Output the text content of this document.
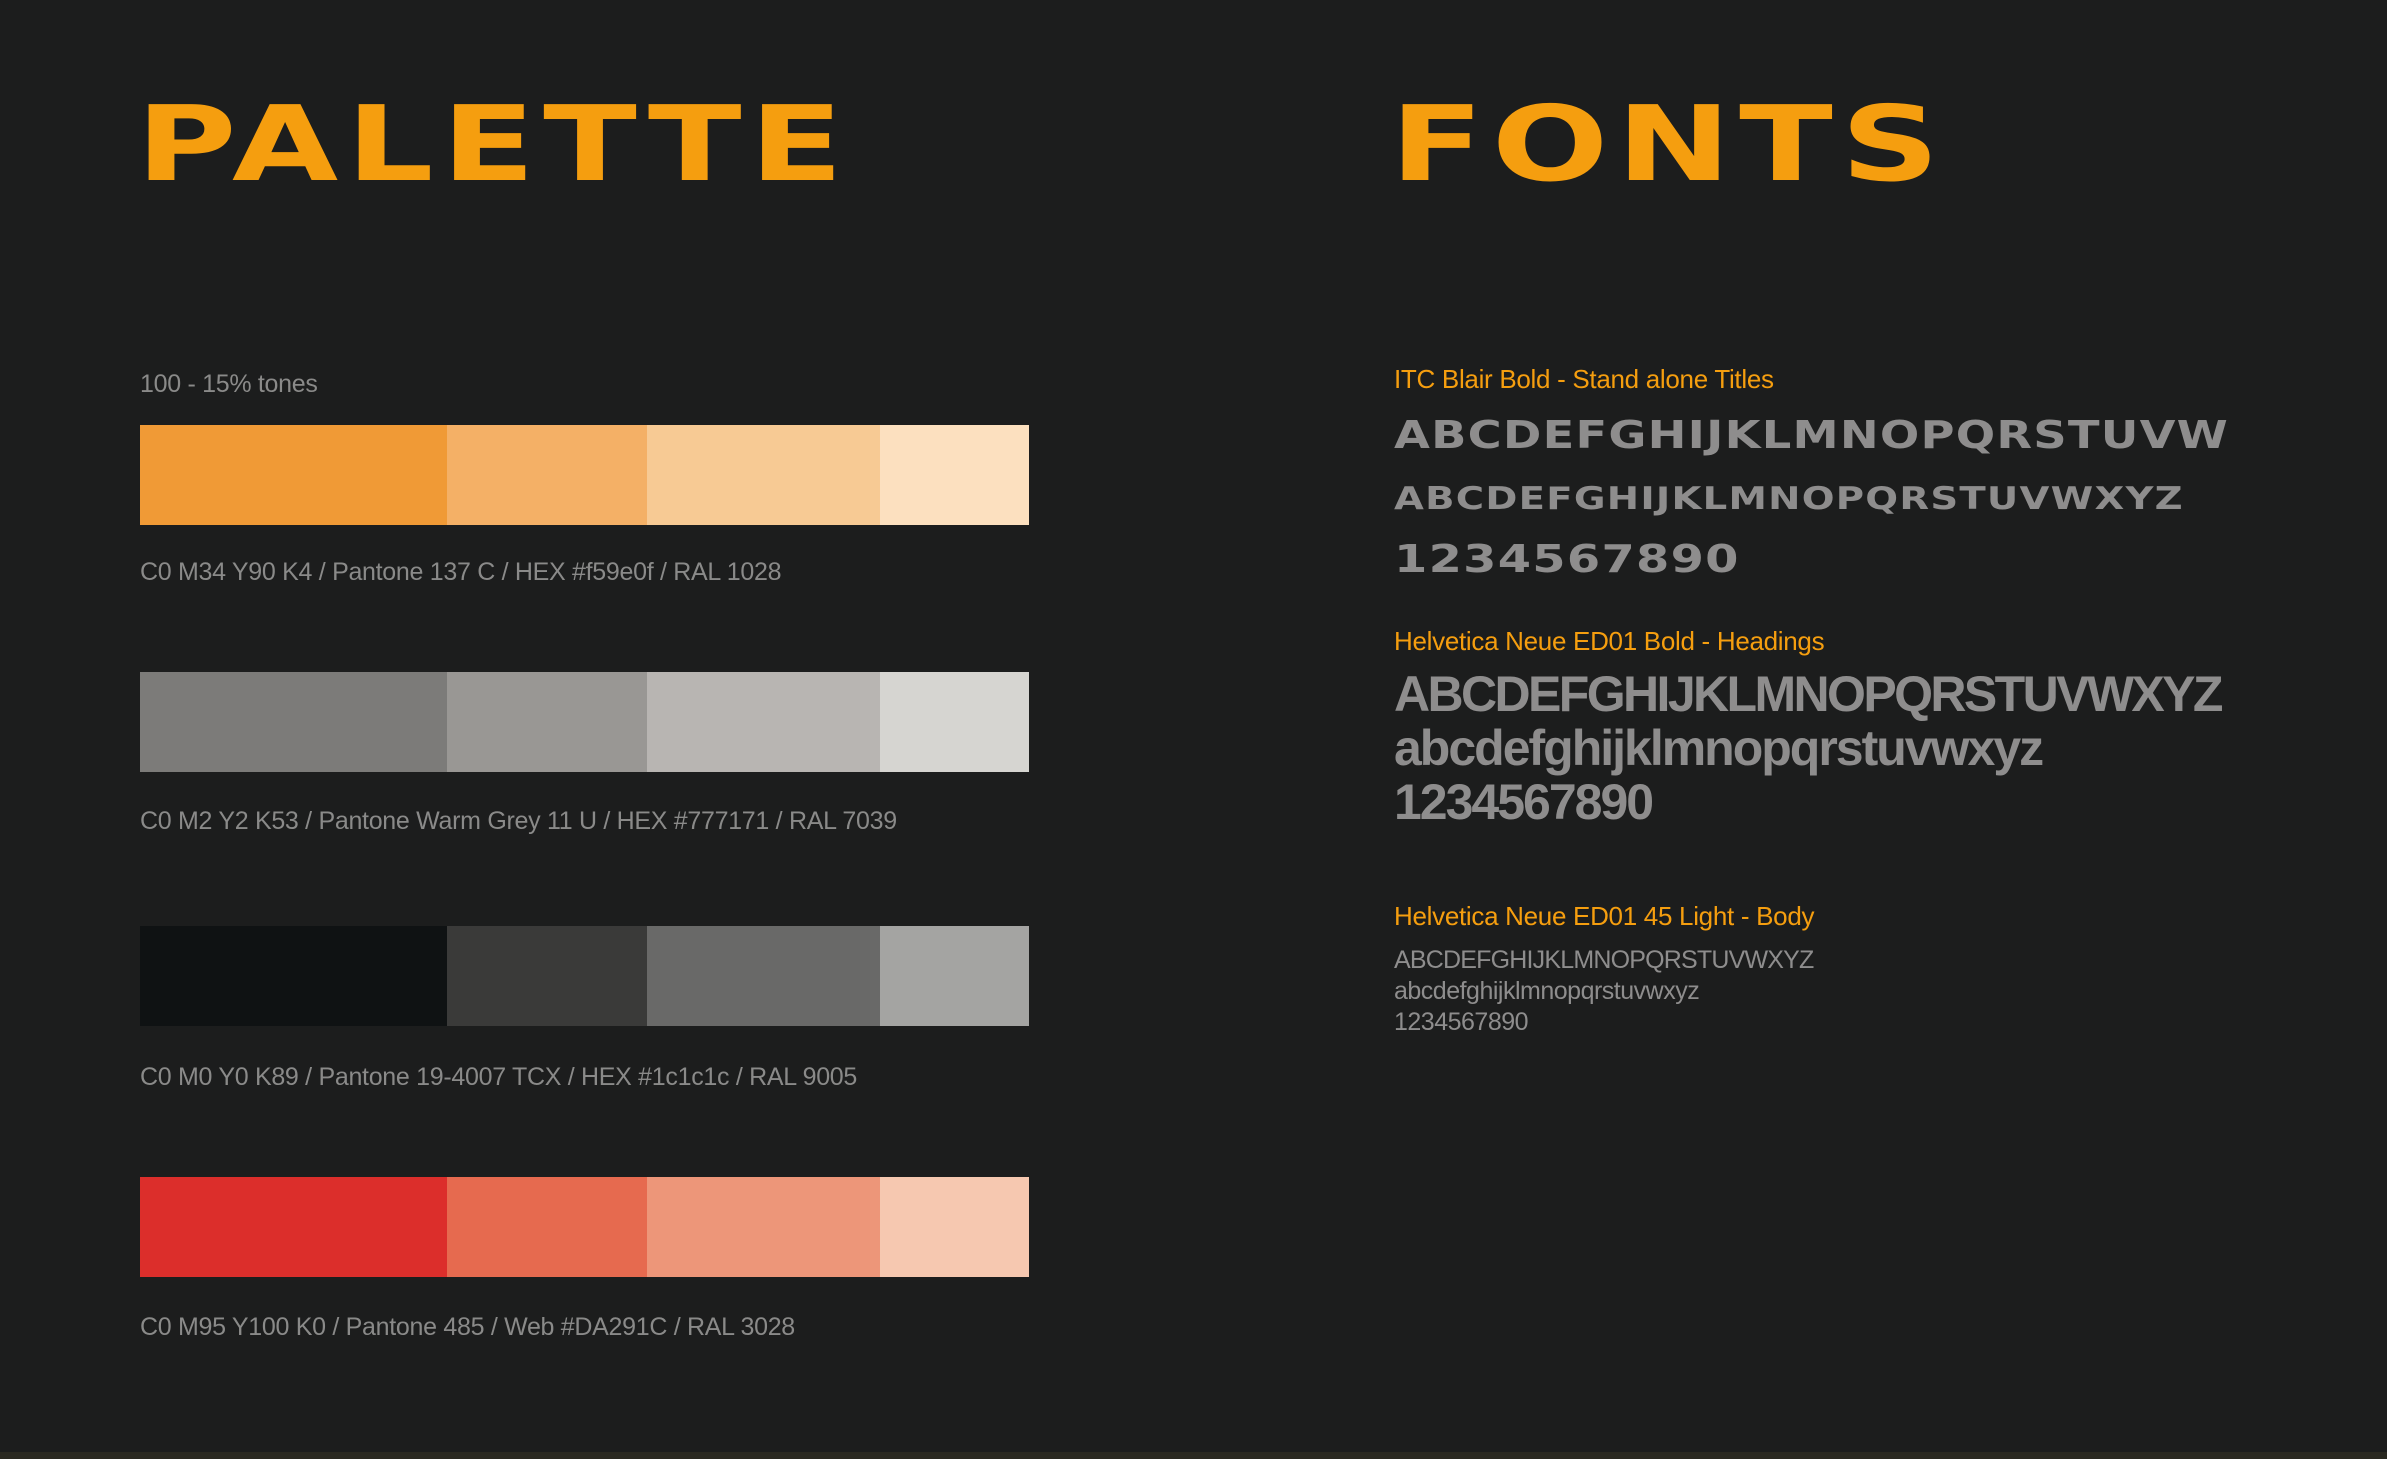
PALETTE
100 - 15% tones
C0 M34 Y90 K4 / Pantone 137 C / HEX #f59e0f / RAL 1028
C0 M2 Y2 K53 / Pantone Warm Grey 11 U / HEX #777171 / RAL 7039
C0 M0 Y0 K89 / Pantone 19-4007 TCX / HEX #1c1c1c / RAL 9005
C0 M95 Y100 K0 / Pantone 485 / Web #DA291C / RAL 3028
FONTS
ITC Blair Bold - Stand alone Titles
ABCDEFGHIJKLMNOPQRSTUVW
ABCDEFGHIJKLMNOPQRSTUVWXYZ
1234567890
Helvetica Neue ED01 Bold - Headings
ABCDEFGHIJKLMNOPQRSTUVWXYZ
abcdefghijklmnopqrstuvwxyz
1234567890
Helvetica Neue ED01 45 Light - Body
ABCDEFGHIJKLMNOPQRSTUVWXYZ
abcdefghijklmnopqrstuvwxyz
1234567890
